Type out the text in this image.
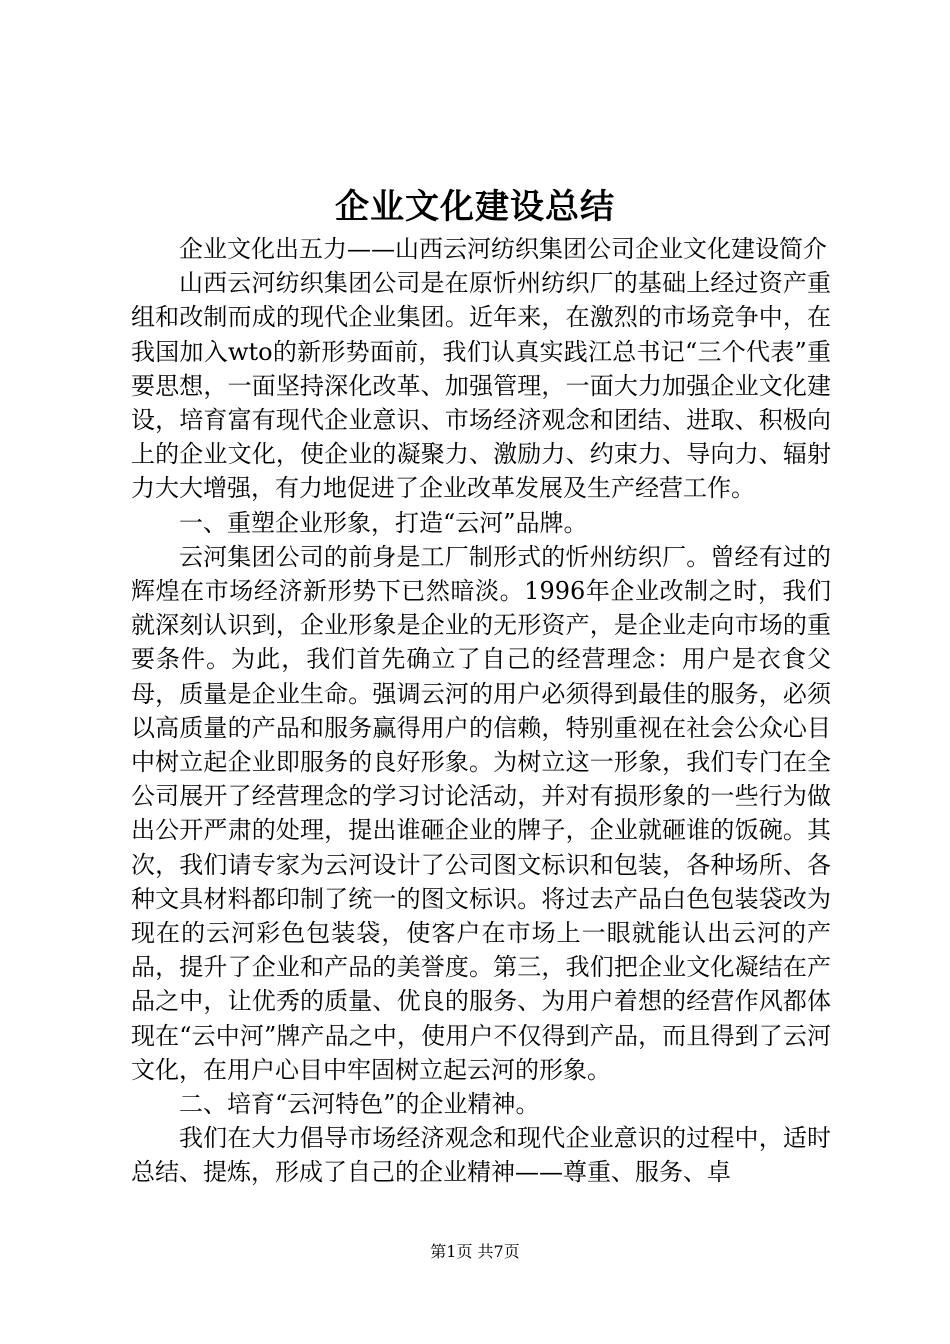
企业文化建设总结

企业文化出五力——山西云河纺织集团公司企业文化建设简介

山西云河纺织集团公司是在原忻州纺织厂的基础上经过资产重组和改制而成的现代企业集团。近年来，在激烈的市场竞争中，在我国加入wto的新形势面前，我们认真实践江总书记“三个代表”重要思想，一面坚持深化改革、加强管理，一面大力加强企业文化建设，培育富有现代企业意识、市场经济观念和团结、进取、积极向上的企业文化，使企业的凝聚力、激励力、约束力、导向力、辐射力大大增强，有力地促进了企业改革发展及生产经营工作。

一、重塑企业形象，打造“云河”品牌。

云河集团公司的前身是工厂制形式的忻州纺织厂。曾经有过的辉煌在市场经济新形势下已然暗淡。1996年企业改制之时，我们就深刻认识到，企业形象是企业的无形资产，是企业走向市场的重要条件。为此，我们首先确立了自己的经营理念：用户是衣食父母，质量是企业生命。强调云河的用户必须得到最佳的服务，必须以高质量的产品和服务赢得用户的信赖，特别重视在社会公众心目中树立起企业即服务的良好形象。为树立这一形象，我们专门在全公司展开了经营理念的学习讨论活动，并对有损形象的一些行为做出公开严肃的处理，提出谁砸企业的牌子，企业就砸谁的饭碗。其次，我们请专家为云河设计了公司图文标识和包装，各种场所、各种文具材料都印制了统一的图文标识。将过去产品白色包装袋改为现在的云河彩色包装袋，使客户在市场上一眼就能认出云河的产品，提升了企业和产品的美誉度。第三，我们把企业文化凝结在产品之中，让优秀的质量、优良的服务、为用户着想的经营作风都体现在“云中河”牌产品之中，使用户不仅得到产品，而且得到了云河文化，在用户心目中牢固树立起云河的形象。

二、培育“云河特色”的企业精神。

我们在大力倡导市场经济观念和现代企业意识的过程中，适时总结、提炼，形成了自己的企业精神——尊重、服务、卓

第1页 共7页
